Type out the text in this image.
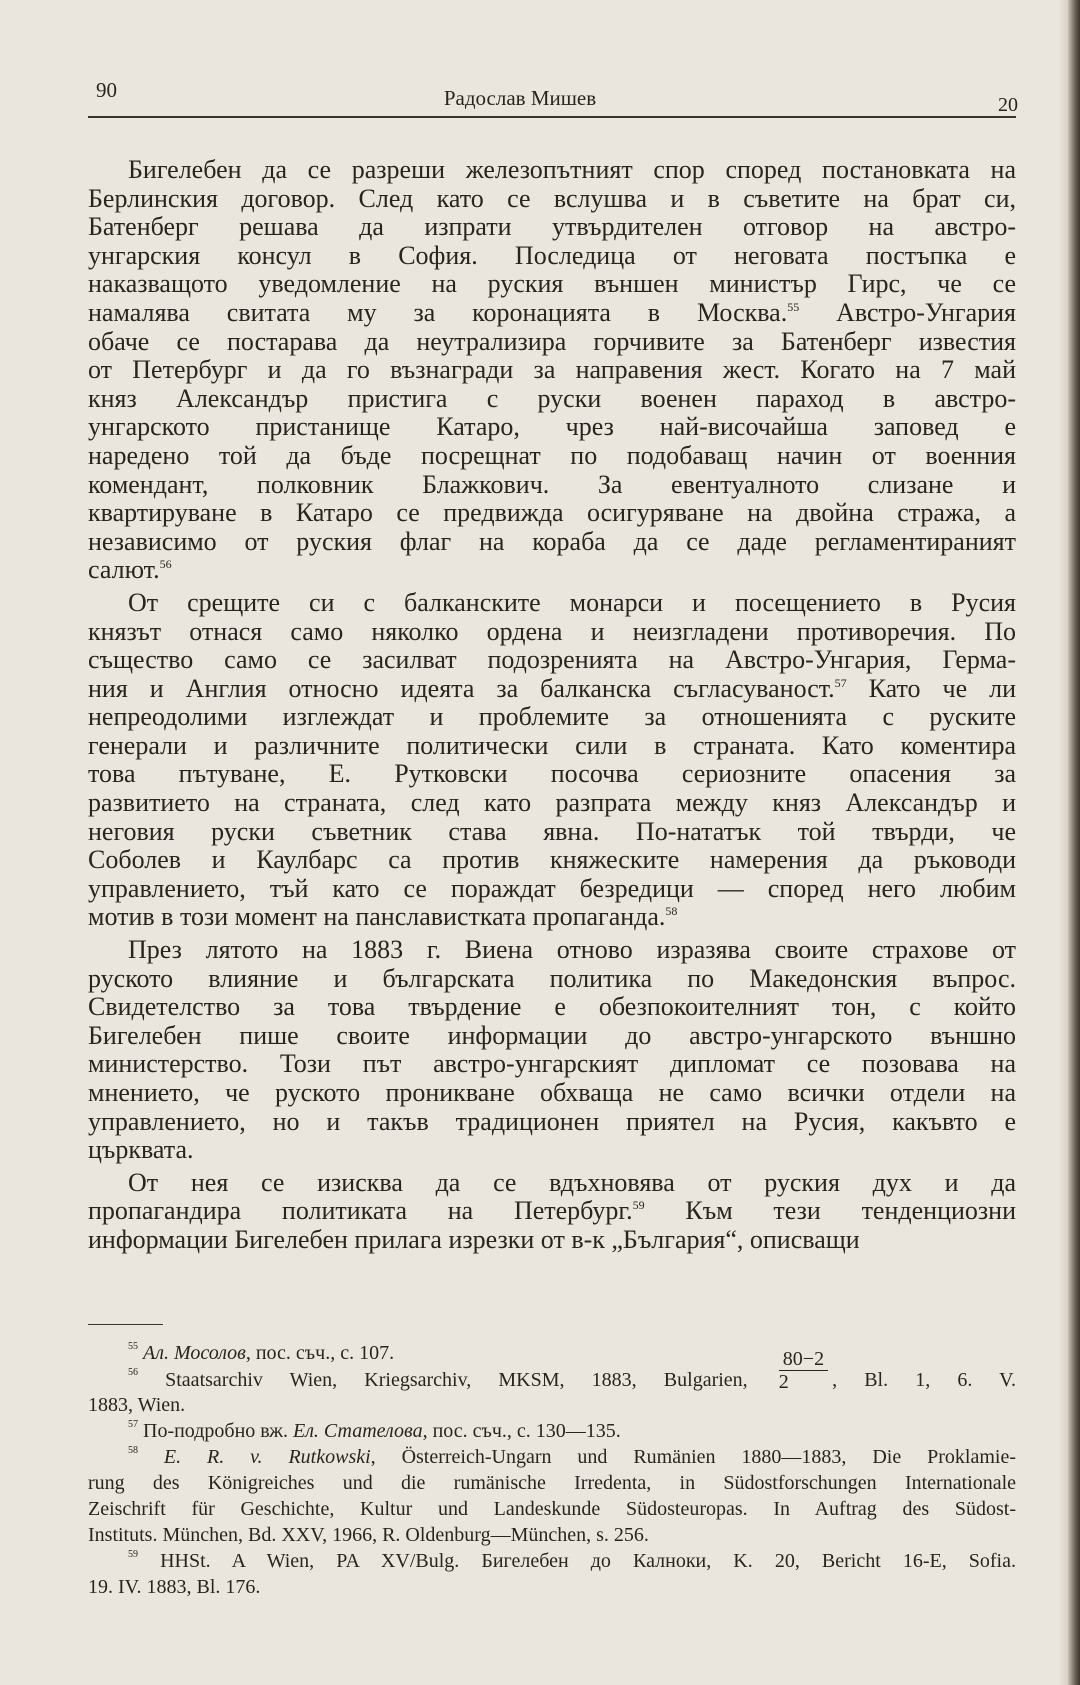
90	Радослав Мишев	20
Бигелебен да се разреши железопътният спор според постановката на
Берлинския договор. След като се вслушва и в съветите на брат си,
Батенберг решава да изпрати утвърдителен отговор на австро-
унгарския консул в София. Последица от неговата постъпка е
наказващото уведомление на руския външен министър Гирс, че се
намалява свитата му за коронацията в Москва.$^{55}$ Австро-Унгария
обаче се постарава да неутрализира горчивите за Батенберг известия
от Петербург и да го възнагради за направения жест. Когато на 7 май
княз Александър пристига с руски военен параход в австро-
унгарското пристанище Катаро, чрез най-височайша заповед е
наредено той да бъде посрещнат по подобаващ начин от военния
комендант, полковник Блажкович. За евентуалното слизане и
квартируване в Катаро се предвижда осигуряване на двойна стража, а
независимо от руския флаг на кораба да се даде регламентираният
салют.$^{56}$
От срещите си с балканските монарси и посещението в Русия
князът отнася само няколко ордена и неизгладени противоречия. По
същество само се засилват подозренията на Австро-Унгария, Герма-
ния и Англия относно идеята за балканска съгласуваност.$^{57}$ Като че ли
непреодолими изглеждат и проблемите за отношенията с руските
генерали и различните политически сили в страната. Като коментира
това пътуване, Е. Рутковски посочва сериозните опасения за
развитието на страната, след като разпрата между княз Александър и
неговия руски съветник става явна. По-нататък той твърди, че
Соболев и Каулбарс са против княжеските намерения да ръководи
управлението, тъй като се пораждат безредици — според него любим
мотив в този момент на панславистката пропаганда.$^{58}$
През лятото на 1883 г. Виена отново изразява своите страхове от
руското влияние и българската политика по Македонския въпрос.
Свидетелство за това твърдение е обезпокоителният тон, с който
Бигелебен пише своите информации до австро-унгарското външно
министерство. Този път австро-унгарският дипломат се позовава на
мнението, че руското проникване обхваща не само всички отдели на
управлението, но и такъв традиционен приятел на Русия, какъвто е
църквата.
От нея се изисква да се вдъхновява от руския дух и да
пропагандира политиката на Петербург.$^{59}$ Към тези тенденциозни
информации Бигелебен прилага изрезки от в-к „България“, описващи
$^{55}$ Ал. Мосолов, пос. съч., с. 107.
$^{56}$ Staatsarchiv Wien, Kriegsarchiv, MKSM, 1883, Bulgarien, $\frac{80-2}{2}$ , Bl. 1, 6. V.
1883, Wien.
$^{57}$ По-подробно вж. Ел. Стателова, пос. съч., с. 130—135.
$^{58}$ E. R. v. Rutkowski, Österreich-Ungarn und Rumänien 1880—1883, Die Proklamie-
rung des Königreiches und die rumänische Irredenta, in Südostforschungen Internationale
Zeischrift für Geschichte, Kultur und Landeskunde Südosteuropas. In Auftrag des Südost-
Instituts. München, Bd. XXV, 1966, R. Oldenburg—München, s. 256.
$^{59}$ HHSt. A Wien, PA XV/Bulg. Бигелебен до Калноки, K. 20, Bericht 16-E, Sofia.
19. IV. 1883, Bl. 176.
